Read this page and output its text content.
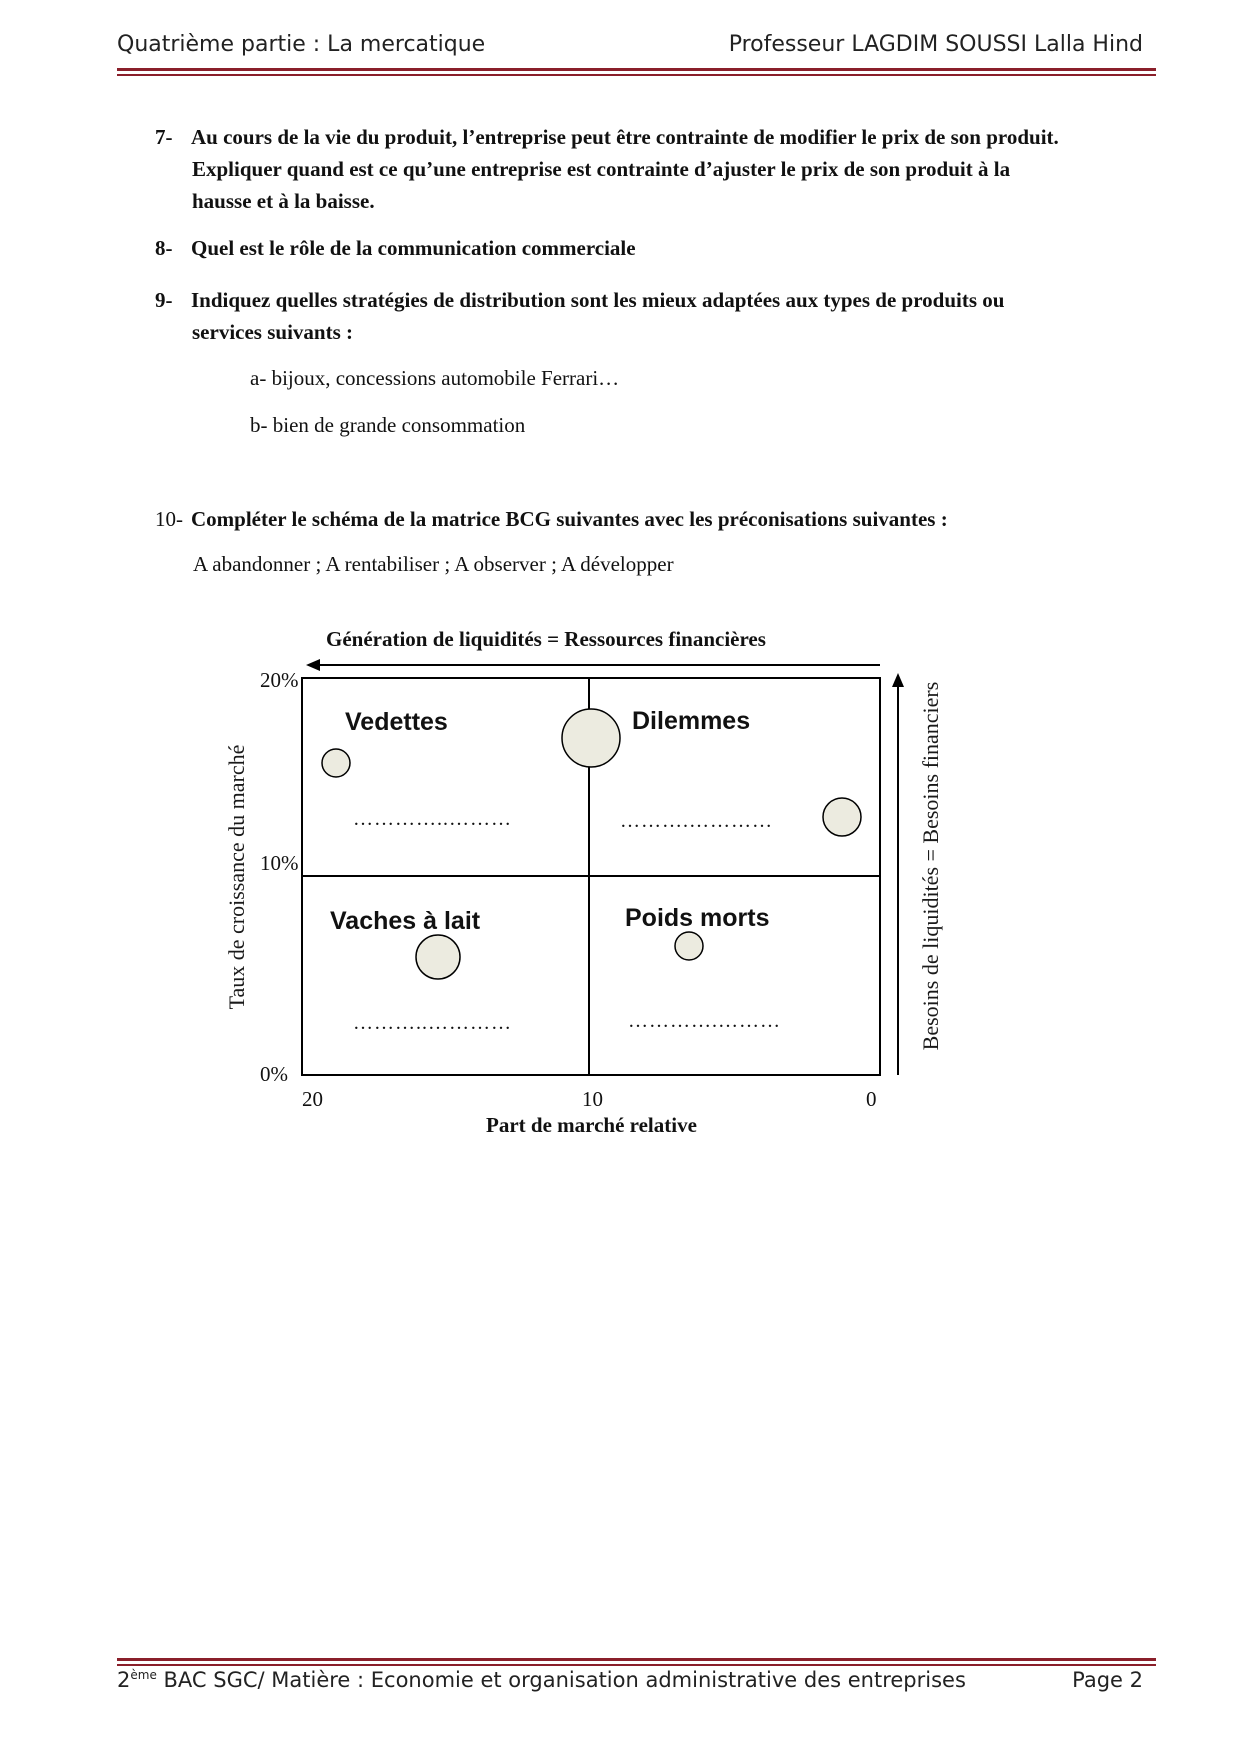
Quatrième partie : La mercatique	Professeur LAGDIM SOUSSI Lalla Hind
7- Au cours de la vie du produit, l’entreprise peut être contrainte de modifier le prix de son produit.
Expliquer quand est ce qu’une entreprise est contrainte d’ajuster le prix de son produit à la
hausse et à la baisse.
8- Quel est le rôle de la communication commerciale
9- Indiquez quelles stratégies de distribution sont les mieux adaptées aux types de produits ou
services suivants :
a- bijoux, concessions automobile Ferrari…
b- bien de grande consommation
10- Compléter le schéma de la matrice BCG suivantes avec les préconisations suivantes :
A abandonner ; A rentabiliser ; A observer ; A développer
Génération de liquidités = Ressources financières
20%
10%
0%
20	10	0
Part de marché relative
Taux de croissance du marché	Besoins de liquidités = Besoins financiers
Vedettes	Dilemmes
Vaches à lait	Poids morts
…………..………	……….…………
………..…………	………….………
2ème BAC SGC/ Matière : Economie et organisation administrative des entreprises	Page 2
